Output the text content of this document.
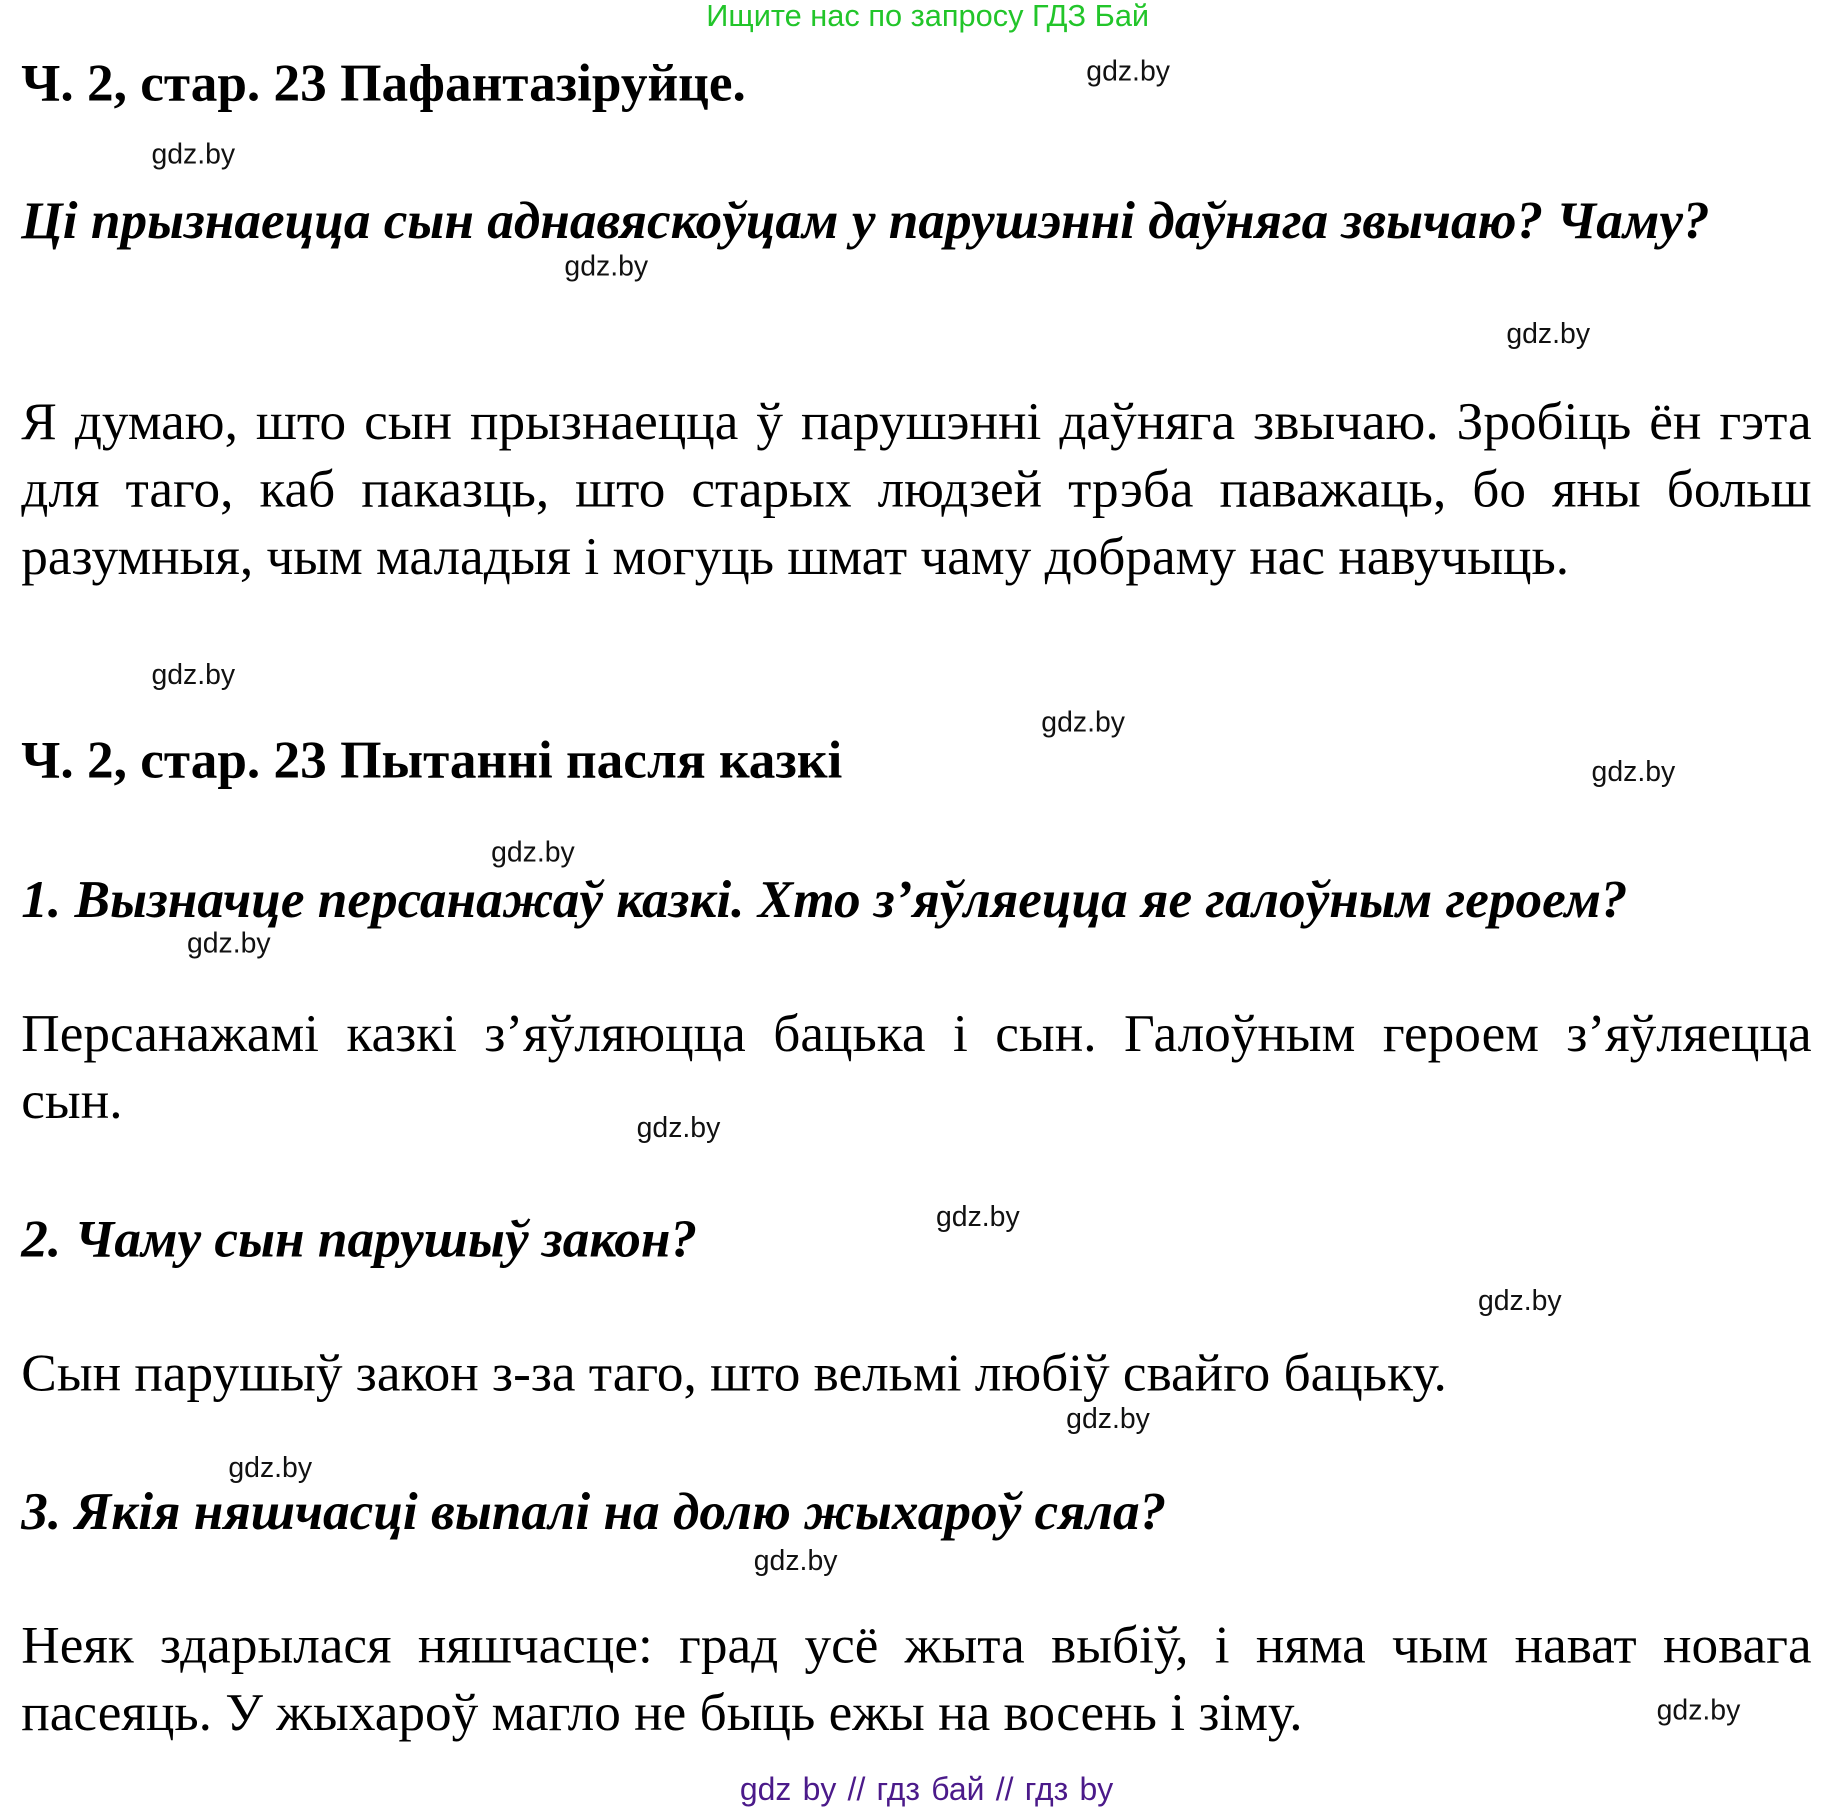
Ищите нас по запросу ГДЗ Бай
Ч. 2, стар. 23 Пафантазіруйце.
Ці прызнаецца сын аднавяскоўцам у парушэнні даўняга звычаю? Чаму?
Я думаю, што сын прызнаецца ў парушэнні даўняга звычаю. Зробіць ён гэта для таго, каб паказць, што старых людзей трэба паважаць, бо яны больш разумныя, чым маладыя і могуць шмат чаму добраму нас навучыць.
Ч. 2, стар. 23 Пытанні пасля казкі
1. Вызначце персанажаў казкі. Хто з’яўляецца яе галоўным героем?
Персанажамі казкі з’яўляюцца бацька і сын. Галоўным героем з’яўляецца сын.
2. Чаму сын парушыў закон?
Сын парушыў закон з-за таго, што вельмі любіў свайго бацьку.
3. Якія няшчасці выпалі на долю жыхароў сяла?
Неяк здарылася няшчасце: град усё жыта выбіў, і няма чым нават новага пасеяць. У жыхароў магло не быць ежы на восень і зіму.
gdz.by
gdz.by
gdz.by
gdz.by
gdz.by
gdz.by
gdz.by
gdz.by
gdz.by
gdz.by
gdz.by
gdz.by
gdz.by
gdz.by
gdz.by
gdz.by
gdz by // гдз бай // гдз by
